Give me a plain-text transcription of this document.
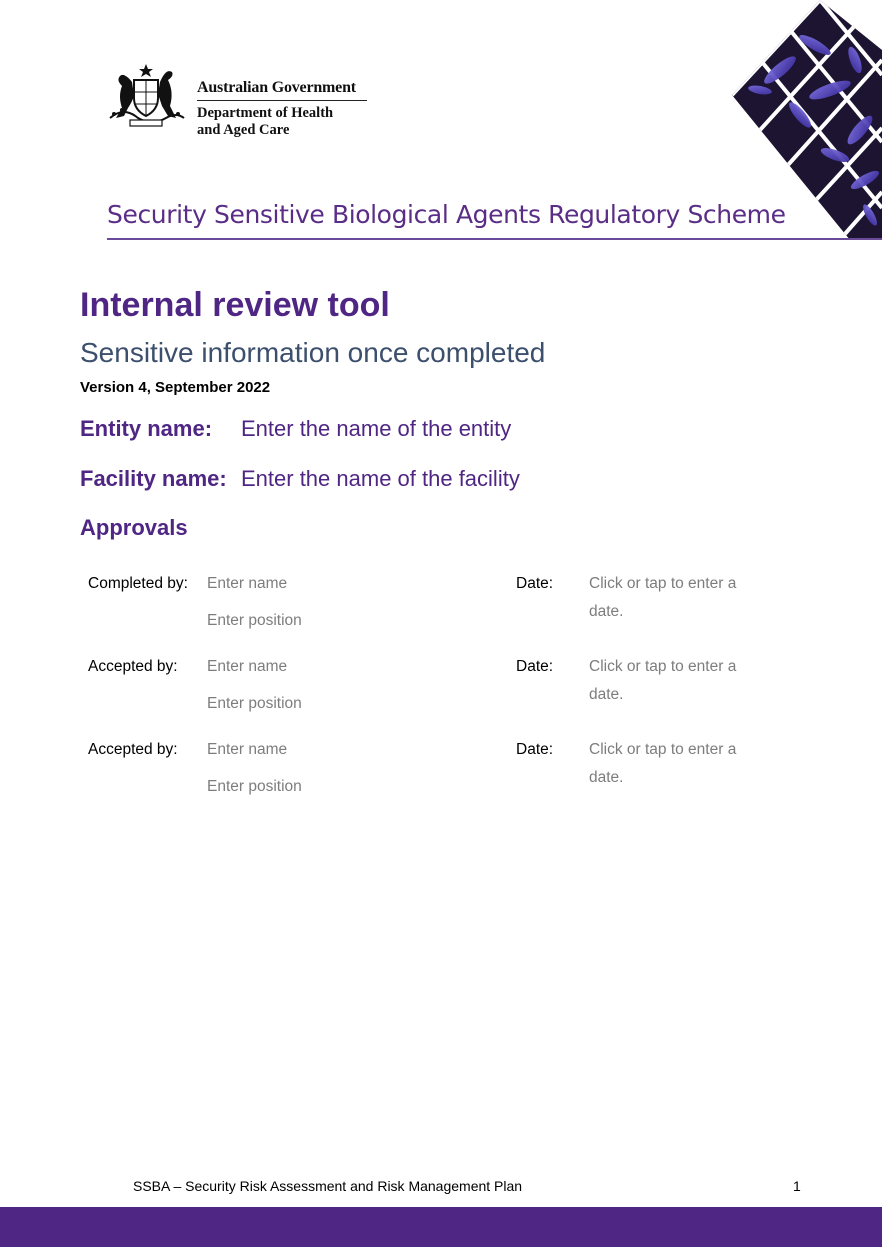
Australian Government
Department of Health
and Aged Care
Security Sensitive Biological Agents Regulatory Scheme
Internal review tool
Sensitive information once completed
Version 4, September 2022
Entity name: Enter the name of the entity
Facility name: Enter the name of the facility
Approvals
Completed by: Enter name
Enter position
Date: Click or tap to enter a date.
Accepted by:	Enter name
Enter position
Date: Click or tap to enter a date.
Accepted by:	Enter name
Enter position
Date: Click or tap to enter a date.
SSBA – Security Risk Assessment and Risk Management Plan	1
